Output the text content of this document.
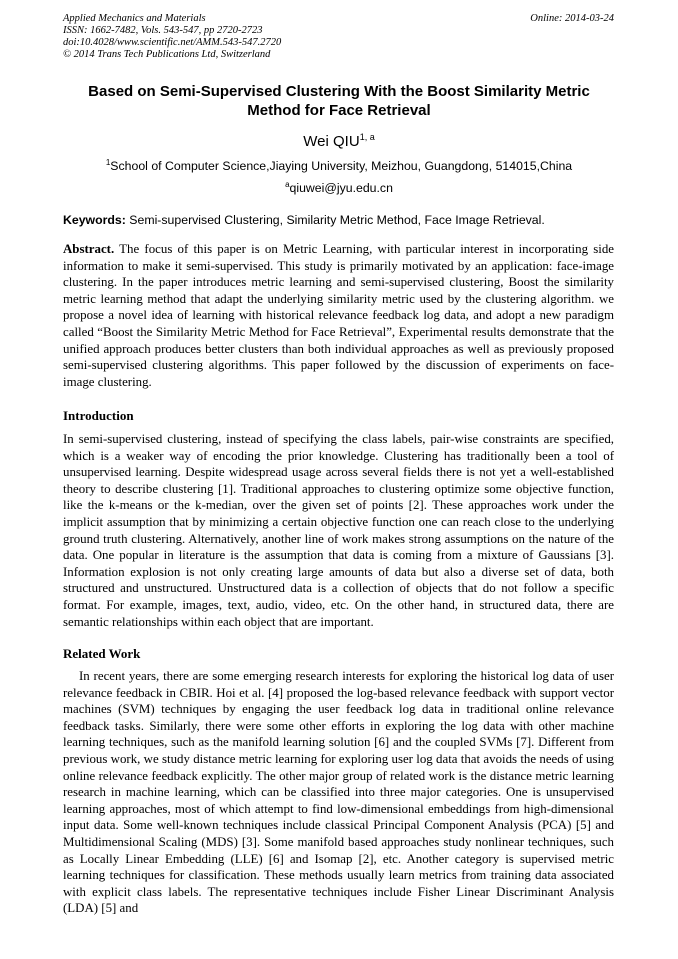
Applied Mechanics and Materials
ISSN: 1662-7482, Vols. 543-547, pp 2720-2723
doi:10.4028/www.scientific.net/AMM.543-547.2720
© 2014 Trans Tech Publications Ltd, Switzerland
Online: 2014-03-24
Based on Semi-Supervised Clustering With the Boost Similarity Metric Method for Face Retrieval
Wei QIU$^{1, a}$
$^1$School of Computer Science,Jiaying University, Meizhou, Guangdong, 514015,China
$^a$qiuwei@jyu.edu.cn
Keywords: Semi-supervised Clustering, Similarity Metric Method, Face Image Retrieval.

Abstract. The focus of this paper is on Metric Learning, with particular interest in incorporating side information to make it semi-supervised. This study is primarily motivated by an application: face-image clustering. In the paper introduces metric learning and semi-supervised clustering, Boost the similarity metric learning method that adapt the underlying similarity metric used by the clustering algorithm. we propose a novel idea of learning with historical relevance feedback log data, and adopt a new paradigm called “Boost the Similarity Metric Method for Face Retrieval”, Experimental results demonstrate that the unified approach produces better clusters than both individual approaches as well as previously proposed semi-supervised clustering algorithms. This paper followed by the discussion of experiments on face-image clustering.

Introduction

In semi-supervised clustering, instead of specifying the class labels, pair-wise constraints are specified, which is a weaker way of encoding the prior knowledge. Clustering has traditionally been a tool of unsupervised learning. Despite widespread usage across several fields there is not yet a well-established theory to describe clustering [1]. Traditional approaches to clustering optimize some objective function, like the k-means or the k-median, over the given set of points [2]. These approaches work under the implicit assumption that by minimizing a certain objective function one can reach close to the underlying ground truth clustering. Alternatively, another line of work makes strong assumptions on the nature of the data. One popular in literature is the assumption that data is coming from a mixture of Gaussians [3]. Information explosion is not only creating large amounts of data but also a diverse set of data, both structured and unstructured. Unstructured data is a collection of objects that do not follow a specific format. For example, images, text, audio, video, etc. On the other hand, in structured data, there are semantic relationships within each object that are important.

Related Work

In recent years, there are some emerging research interests for exploring the historical log data of user relevance feedback in CBIR. Hoi et al. [4] proposed the log-based relevance feedback with support vector machines (SVM) techniques by engaging the user feedback log data in traditional online relevance feedback tasks. Similarly, there were some other efforts in exploring the log data with other machine learning techniques, such as the manifold learning solution [6] and the coupled SVMs [7]. Different from previous work, we study distance metric learning for exploring user log data that avoids the needs of using online relevance feedback explicitly. The other major group of related work is the distance metric learning research in machine learning, which can be classified into three major categories. One is unsupervised learning approaches, most of which attempt to find low-dimensional embeddings from high-dimensional input data. Some well-known techniques include classical Principal Component Analysis (PCA) [5] and Multidimensional Scaling (MDS) [3]. Some manifold based approaches study nonlinear techniques, such as Locally Linear Embedding (LLE) [6] and Isomap [2], etc. Another category is supervised metric learning techniques for classification. These methods usually learn metrics from training data associated with explicit class labels. The representative techniques include Fisher Linear Discriminant Analysis (LDA) [5] and
